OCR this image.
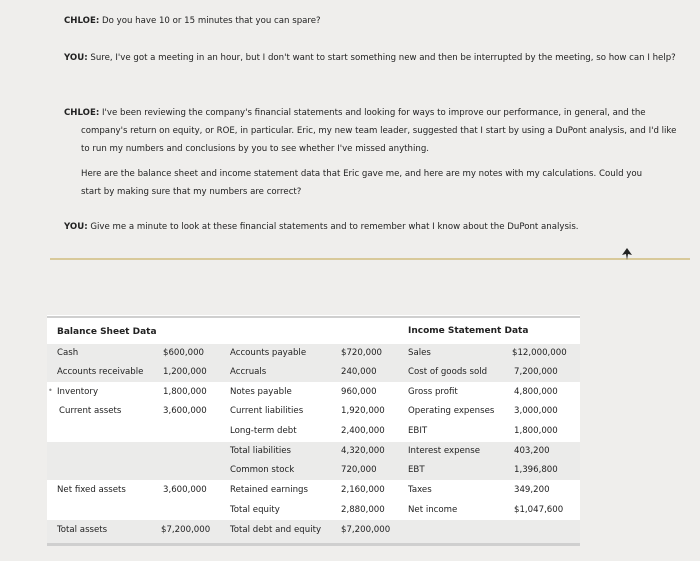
CHLOE: Do you have 10 or 15 minutes that you can spare?

YOU: Sure, I've got a meeting in an hour, but I don't want to start something new and then be interrupted by the meeting, so how can I help?

CHLOE: I've been reviewing the company's financial statements and looking for ways to improve our performance, in general, and the company's return on equity, or ROE, in particular. Eric, my new team leader, suggested that I start by using a DuPont analysis, and I'd like to run my numbers and conclusions by you to see whether I've missed anything.

Here are the balance sheet and income statement data that Eric gave me, and here are my notes with my calculations. Could you start by making sure that my numbers are correct?

YOU: Give me a minute to look at these financial statements and to remember what I know about the DuPont analysis.

Balance Sheet Data	Income Statement Data
Cash
Accounts receivable
• Inventory
Current assets
Net fixed assets
Total assets
$600,000
1,200,000
1,800,000
3,600,000
3,600,000
$7,200,000
Accounts payable
Accruals
Notes payable
Current liabilities
Long-term debt
Total liabilities
Common stock
Retained earnings
Total equity
Total debt and equity
$720,000
240,000
960,000
1,920,000
2,400,000
4,320,000
720,000
2,160,000
2,880,000
$7,200,000
Sales
Cost of goods sold
Gross profit
Operating expenses
EBIT
Interest expense
EBT
Taxes
Net income
$12,000,000
7,200,000
4,800,000
3,000,000
1,800,000
403,200
1,396,800
349,200
$1,047,600
